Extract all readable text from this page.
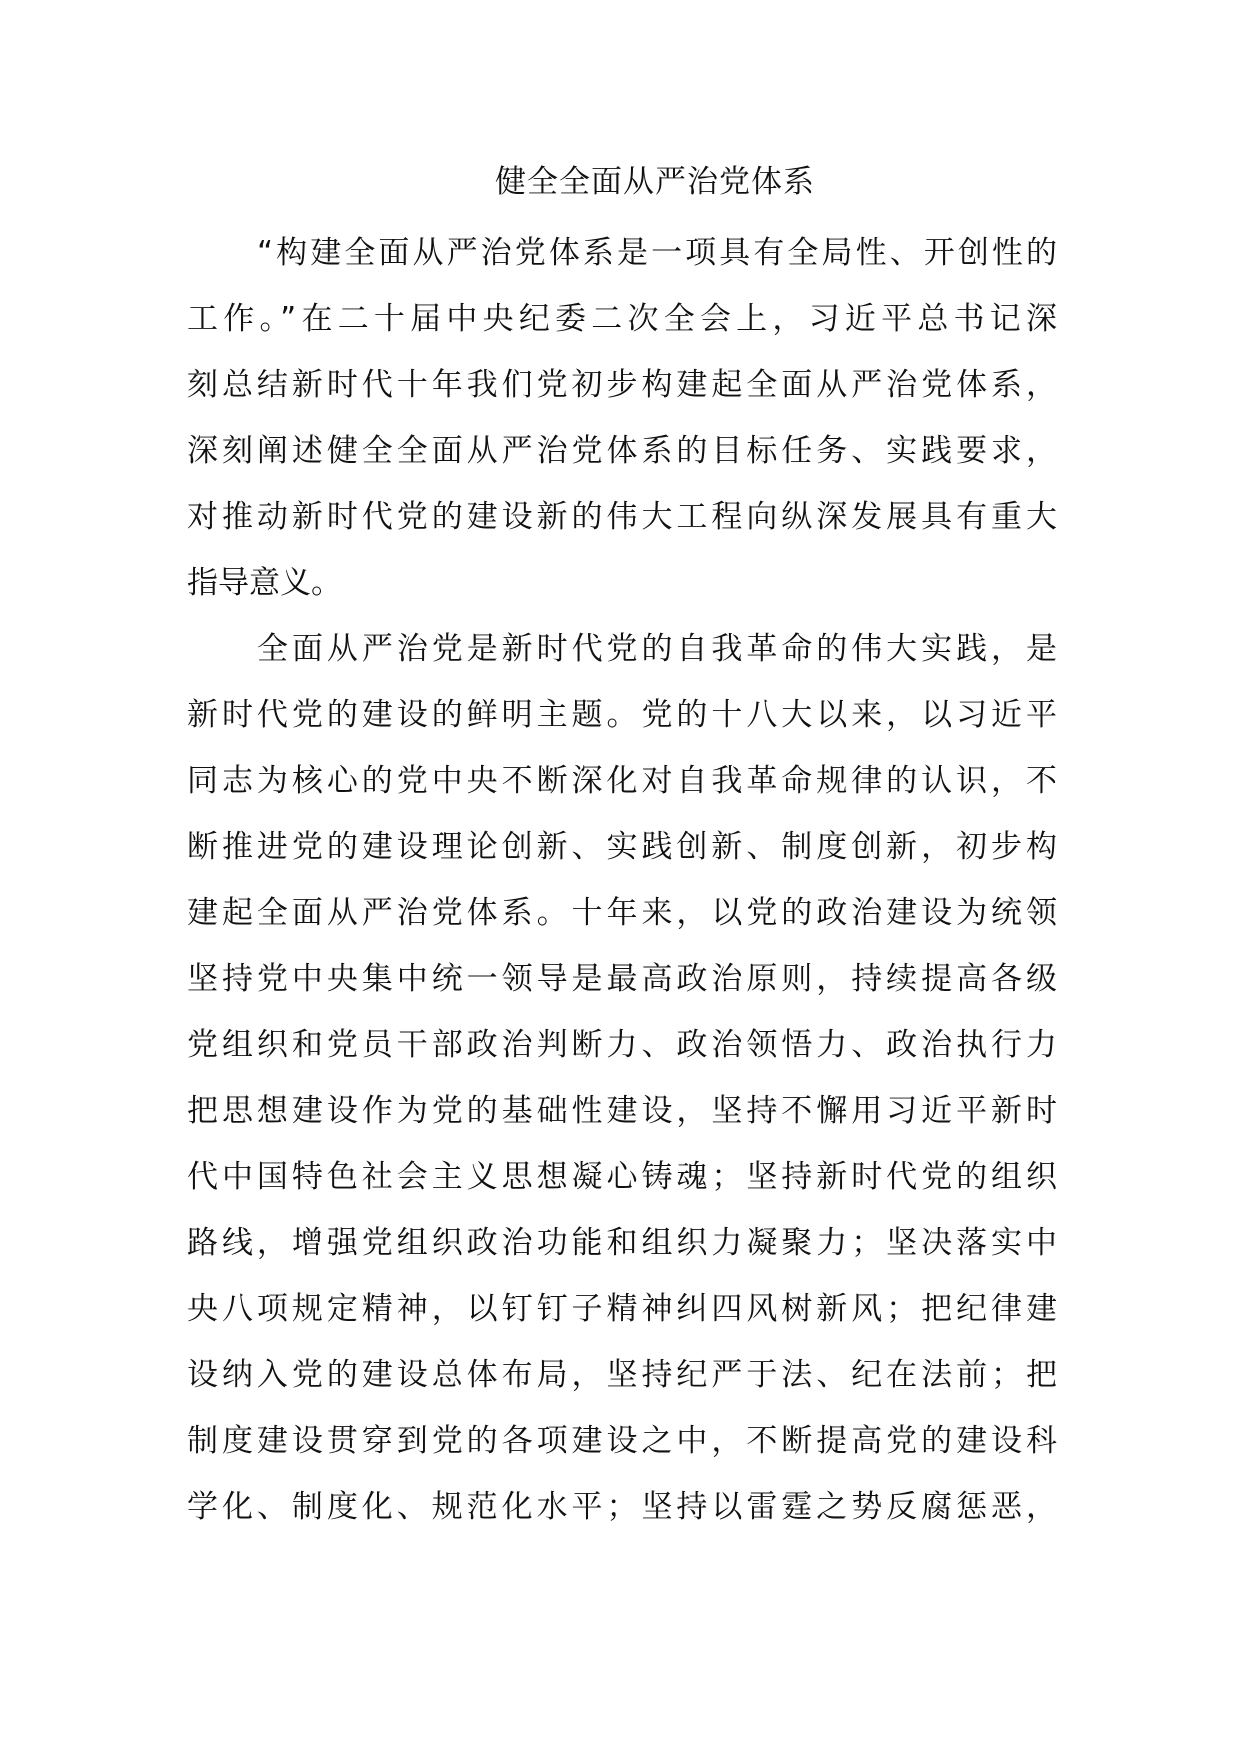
健全全面从严治党体系
“构建全面从严治党体系是一项具有全局性、开创性的
工作。”在二十届中央纪委二次全会上，习近平总书记深
刻总结新时代十年我们党初步构建起全面从严治党体系，
深刻阐述健全全面从严治党体系的目标任务、实践要求，
对推动新时代党的建设新的伟大工程向纵深发展具有重大
指导意义。
全面从严治党是新时代党的自我革命的伟大实践，是
新时代党的建设的鲜明主题。党的十八大以来，以习近平
同志为核心的党中央不断深化对自我革命规律的认识，不
断推进党的建设理论创新、实践创新、制度创新，初步构
建起全面从严治党体系。十年来，以党的政治建设为统领
坚持党中央集中统一领导是最高政治原则，持续提高各级
党组织和党员干部政治判断力、政治领悟力、政治执行力
把思想建设作为党的基础性建设，坚持不懈用习近平新时
代中国特色社会主义思想凝心铸魂；坚持新时代党的组织
路线，增强党组织政治功能和组织力凝聚力；坚决落实中
央八项规定精神，以钉钉子精神纠四风树新风；把纪律建
设纳入党的建设总体布局，坚持纪严于法、纪在法前；把
制度建设贯穿到党的各项建设之中，不断提高党的建设科
学化、制度化、规范化水平；坚持以雷霆之势反腐惩恶，
